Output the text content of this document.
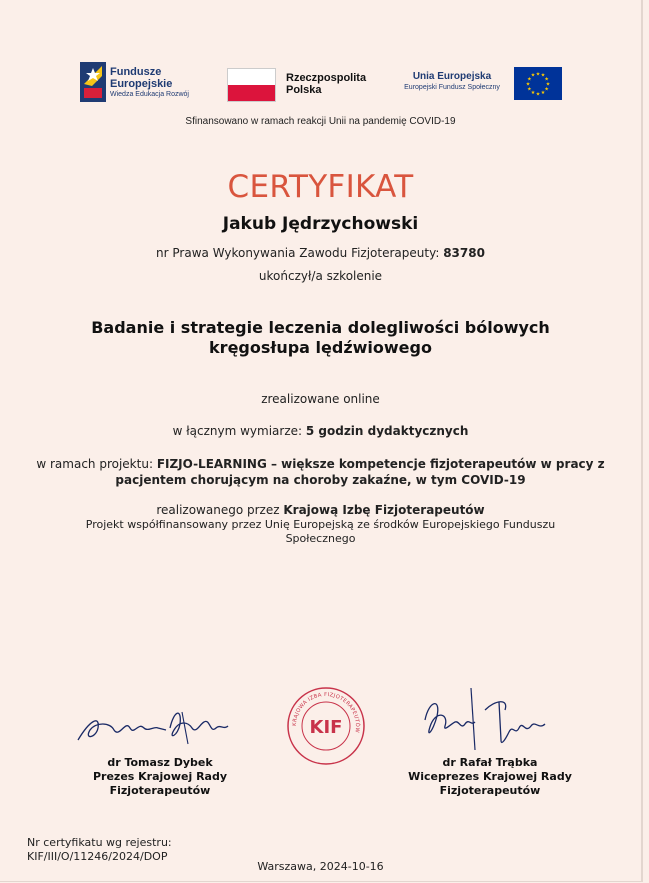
Fundusze
Europejskie
Wiedza Edukacja Rozwój
Rzeczpospolita
Polska
Unia Europejska
Europejski Fundusz Społeczny
★ ★
★
★
★
★
★
★
★
★
★
★
Sfinansowano w ramach reakcji Unii na pandemię COVID-19
CERTYFIKAT
Jakub Jędrzychowski
nr Prawa Wykonywania Zawodu Fizjoterapeuty: 83780
ukończył/a szkolenie
Badanie i strategie leczenia dolegliwości bólowych kręgosłupa lędźwiowego
zrealizowane online
w łącznym wymiarze: 5 godzin dydaktycznych
w ramach projektu: FIZJO-LEARNING – większe kompetencje fizjoterapeutów w pracy z pacjentem chorującym na choroby zakaźne, w tym COVID-19
realizowanego przez Krajową Izbę Fizjoterapeutów
Projekt współfinansowany przez Unię Europejską ze środków Europejskiego Funduszu Społecznego
KRAJOWA IZBA FIZJOTERAPEUTÓW
KIF
dr Tomasz Dybek
Prezes Krajowej Rady
Fizjoterapeutów
dr Rafał Trąbka
Wiceprezes Krajowej Rady
Fizjoterapeutów
Nr certyfikatu wg rejestru:
KIF/III/O/11246/2024/DOP
Warszawa, 2024-10-16
